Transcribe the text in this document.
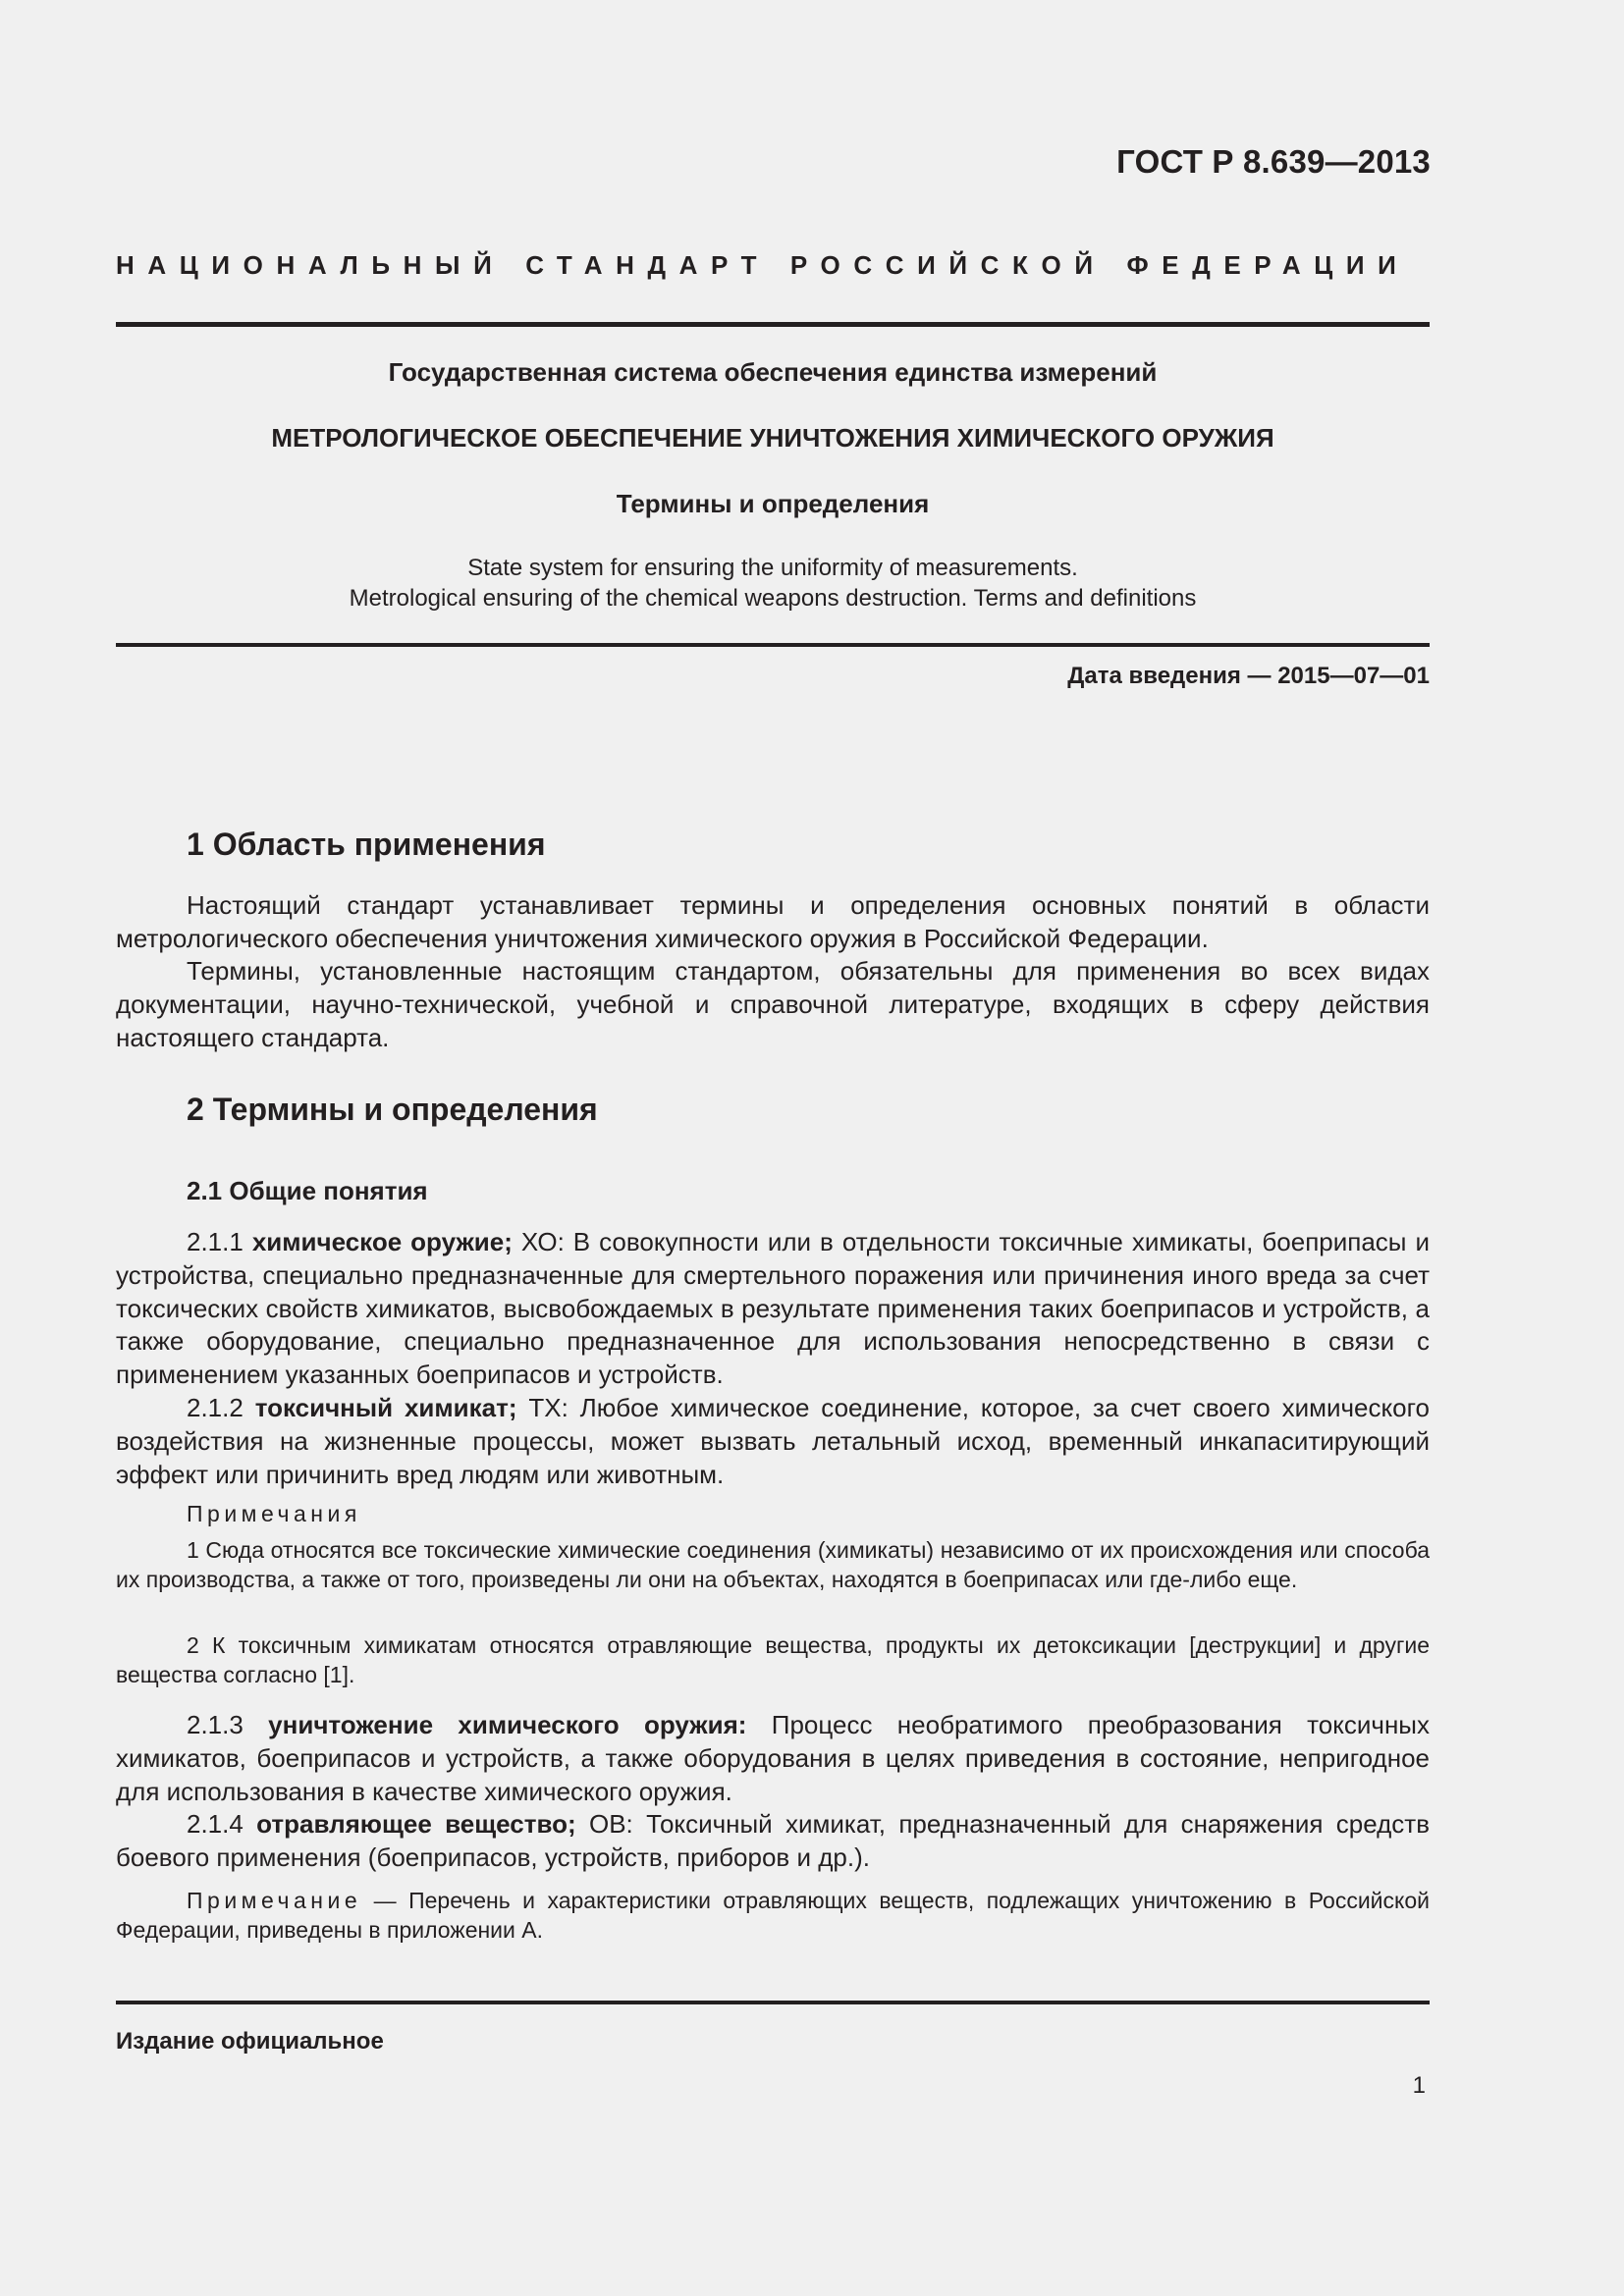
ГОСТ Р 8.639—2013
НАЦИОНАЛЬНЫЙ СТАНДАРТ РОССИЙСКОЙ ФЕДЕРАЦИИ
Государственная система обеспечения единства измерений
МЕТРОЛОГИЧЕСКОЕ ОБЕСПЕЧЕНИЕ УНИЧТОЖЕНИЯ ХИМИЧЕСКОГО ОРУЖИЯ
Термины и определения
State system for ensuring the uniformity of measurements.
Metrological ensuring of the chemical weapons destruction. Terms and definitions
Дата введения — 2015—07—01
1 Область применения

Настоящий стандарт устанавливает термины и определения основных понятий в области метрологического обеспечения уничтожения химического оружия в Российской Федерации.

Термины, установленные настоящим стандартом, обязательны для применения во всех видах документации, научно-технической, учебной и справочной литературе, входящих в сферу действия настоящего стандарта.

2 Термины и определения
2.1 Общие понятия

2.1.1 химическое оружие; ХО: В совокупности или в отдельности токсичные химикаты, боеприпасы и устройства, специально предназначенные для смертельного поражения или причинения иного вреда за счет токсических свойств химикатов, высвобождаемых в результате применения таких боеприпасов и устройств, а также оборудование, специально предназначенное для использования непосредственно в связи с применением указанных боеприпасов и устройств.

2.1.2 токсичный химикат; ТХ: Любое химическое соединение, которое, за счет своего химического воздействия на жизненные процессы, может вызвать летальный исход, временный инкапаситирующий эффект или причинить вред людям или животным.

Примечания

1 Сюда относятся все токсические химические соединения (химикаты) независимо от их происхождения или способа их производства, а также от того, произведены ли они на объектах, находятся в боеприпасах или где-либо еще.

2 К токсичным химикатам относятся отравляющие вещества, продукты их детоксикации [деструкции] и другие вещества согласно [1].

2.1.3 уничтожение химического оружия: Процесс необратимого преобразования токсичных химикатов, боеприпасов и устройств, а также оборудования в целях приведения в состояние, непригодное для использования в качестве химического оружия.

2.1.4 отравляющее вещество; ОВ: Токсичный химикат, предназначенный для снаряжения средств боевого применения (боеприпасов, устройств, приборов и др.).

Примечание — Перечень и характеристики отравляющих веществ, подлежащих уничтожению в Российской Федерации, приведены в приложении А.

Издание официальное
1
